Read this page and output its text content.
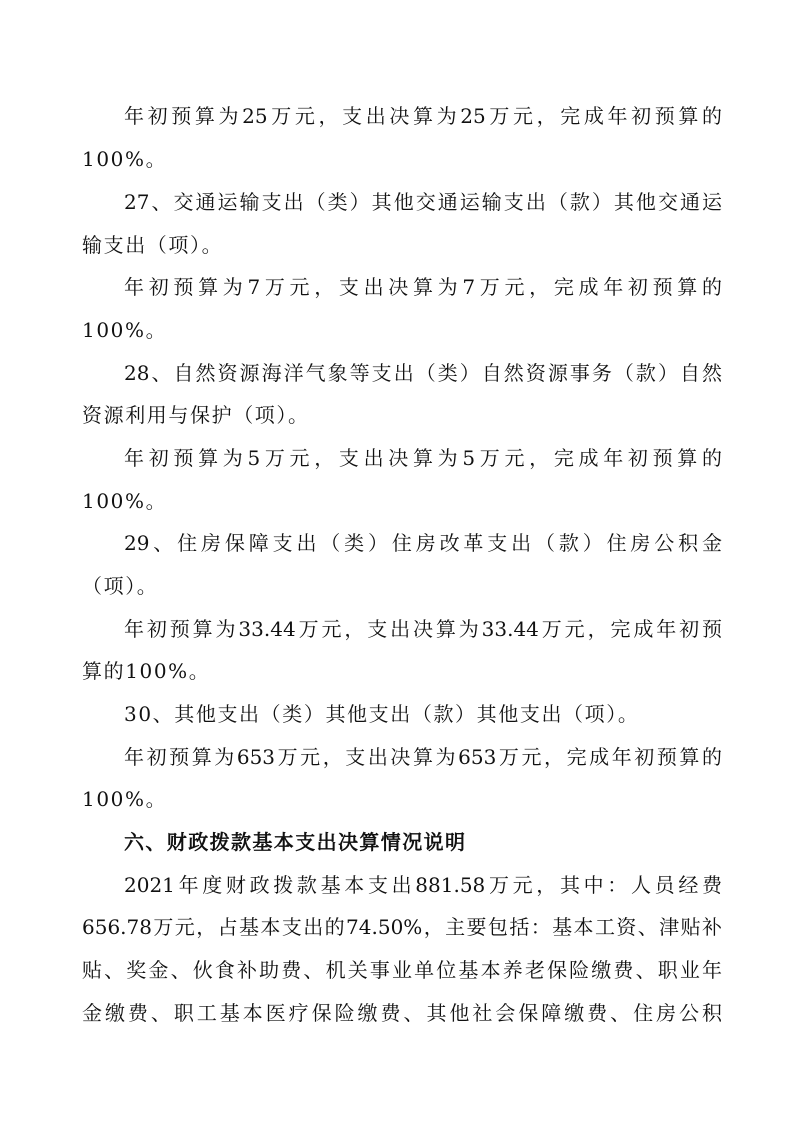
年初预算为25万元，支出决算为25万元，完成年初预算的
100%。
27、交通运输支出（类）其他交通运输支出（款）其他交通运
输支出（项）。
年初预算为7万元，支出决算为7万元，完成年初预算的
100%。
28、自然资源海洋气象等支出（类）自然资源事务（款）自然
资源利用与保护（项）。
年初预算为5万元，支出决算为5万元，完成年初预算的
100%。
29、住房保障支出（类）住房改革支出（款）住房公积金
（项）。
年初预算为33.44万元，支出决算为33.44万元，完成年初预
算的100%。
30、其他支出（类）其他支出（款）其他支出（项）。
年初预算为653万元，支出决算为653万元，完成年初预算的
100%。
六、财政拨款基本支出决算情况说明
2021年度财政拨款基本支出881.58万元，其中：人员经费
656.78万元，占基本支出的74.50%，主要包括：基本工资、津贴补
贴、奖金、伙食补助费、机关事业单位基本养老保险缴费、职业年
金缴费、职工基本医疗保险缴费、其他社会保障缴费、住房公积
